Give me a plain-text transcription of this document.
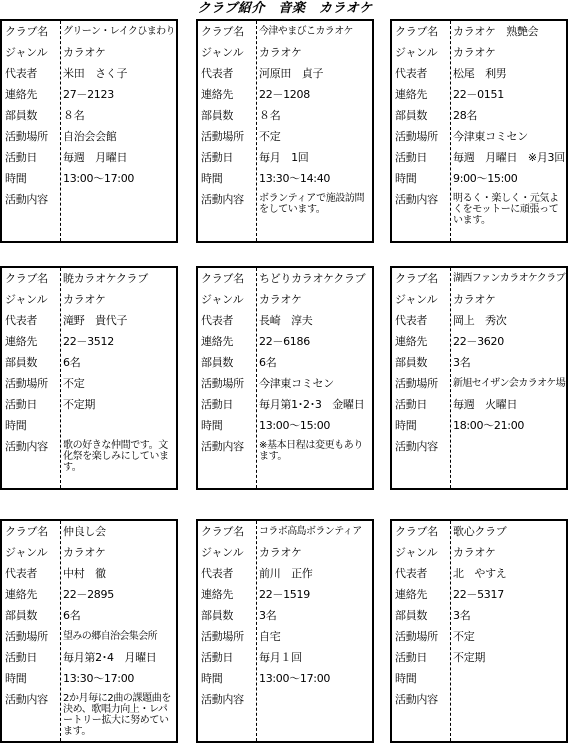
クラブ紹介　音楽　カラオケ
クラブ名	グリーン・レイクひまわり
ジャンル	カラオケ
代表者	米田　さく子
連絡先	27－2123
部員数	８名
活動場所	自治会会館
活動日	毎週　月曜日
時間	13:00～17:00
活動内容
クラブ名	今津やまびこカラオケ
ジャンル	カラオケ
代表者	河原田　貞子
連絡先	22－1208
部員数	８名
活動場所	不定
活動日	毎月　1回
時間	13:30～14:40
活動内容	ボランティアで施設訪問をしています。
クラブ名	カラオケ　熟艶会
ジャンル	カラオケ
代表者	松尾　利男
連絡先	22－0151
部員数	28名
活動場所	今津東コミセン
活動日	毎週　月曜日　※月3回
時間	9:00～15:00
活動内容	明るく・楽しく・元気よくをモットーに頑張っています。
クラブ名	暁カラオケクラブ
ジャンル	カラオケ
代表者	滝野　貴代子
連絡先	22－3512
部員数	6名
活動場所	不定
活動日	不定期
時間
活動内容	歌の好きな仲間です。文化祭を楽しみにしています。
クラブ名	ちどりカラオケクラブ
ジャンル	カラオケ
代表者	長崎　淳夫
連絡先	22－6186
部員数	6名
活動場所	今津東コミセン
活動日	毎月第1･2･3　金曜日
時間	13:00～15:00
活動内容	※基本日程は変更もあります。
クラブ名	湖西ファンカラオケクラブ
ジャンル	カラオケ
代表者	岡上　秀次
連絡先	22－3620
部員数	3名
活動場所	新旭セイザン会カラオケ場
活動日	毎週　火曜日
時間	18:00～21:00
活動内容
クラブ名	仲良し会
ジャンル	カラオケ
代表者	中村　徹
連絡先	22－2895
部員数	6名
活動場所	望みの郷自治会集会所
活動日	毎月第2･4　月曜日
時間	13:30～17:00
活動内容	2か月毎に2曲の課題曲を決め、歌唱力向上・レパートリー拡大に努めています。
クラブ名	コラボ高島ボランティア
ジャンル	カラオケ
代表者	前川　正作
連絡先	22－1519
部員数	3名
活動場所	自宅
活動日	毎月１回
時間	13:00～17:00
活動内容
クラブ名	歌心クラブ
ジャンル	カラオケ
代表者	北　やすえ
連絡先	22－5317
部員数	3名
活動場所	不定
活動日	不定期
時間
活動内容
